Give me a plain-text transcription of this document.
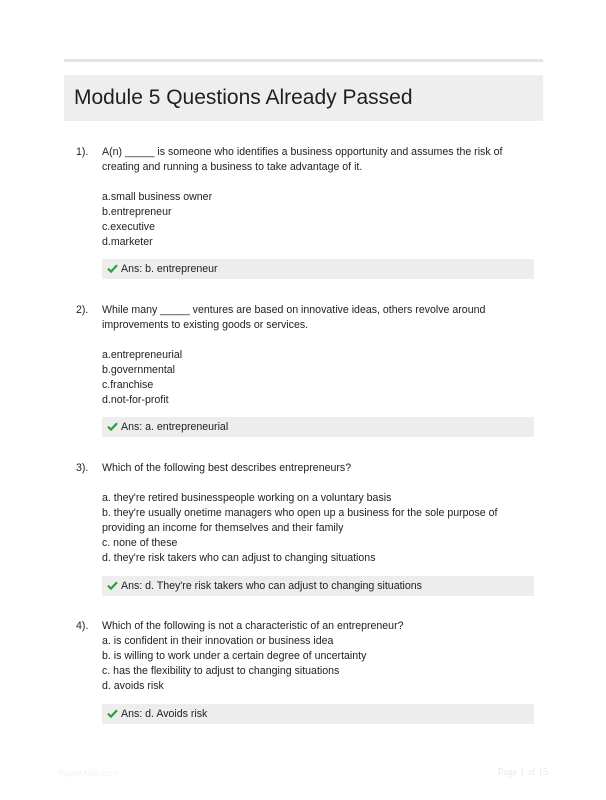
Module 5 Questions Already Passed
1). A(n) _____ is someone who identifies a business opportunity and assumes the risk of creating and running a business to take advantage of it.

a.small business owner
b.entrepreneur
c.executive
d.marketer
Ans: b. entrepreneur
2). While many _____ ventures are based on innovative ideas, others revolve around improvements to existing goods or services.

a.entrepreneurial
b.governmental
c.franchise
d.not-for-profit
Ans: a. entrepreneurial
3). Which of the following best describes entrepreneurs?

a. they're retired businesspeople working on a voluntary basis
b. they're usually onetime managers who open up a business for the sole purpose of providing an income for themselves and their family
c. none of these
d. they're risk takers who can adjust to changing situations
Ans: d. They're risk takers who can adjust to changing situations
4). Which of the following is not a characteristic of an entrepreneur?

a. is confident in their innovation or business idea
b. is willing to work under a certain degree of uncertainty
c. has the flexibility to adjust to changing situations
d. avoids risk
Ans: d. Avoids risk
PaperXBit.com	Page 1 of 15
